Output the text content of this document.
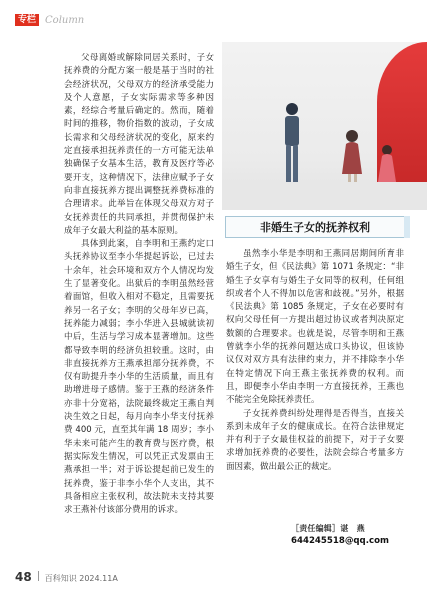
专栏 Column

父母离婚或解除同居关系时，子女抚养费的分配方案一般是基于当时的社会经济状况，父母双方的经济承受能力及个人意愿，子女实际需求等多种因素，经综合考量后确定的。然而，随着时间的推移，物价指数的波动，子女成长需求和父母经济状况的变化，原来约定直接承担抚养责任的一方可能无法单独确保子女基本生活，教育及医疗等必要开支，这种情况下，法律应赋予子女向非直接抚养方提出调整抚养费标准的合理请求。此举旨在体现父母双方对子女抚养责任的共同承担，并贯彻保护未成年子女最大利益的基本原则。

具体到此案，自李明和王燕约定口头抚养协议至李小华提起诉讼，已过去十余年，社会环境和双方个人情况均发生了显著变化。出狱后的李明虽然经营着面馆，但收入相对不稳定，且需要抚养另一名子女；李明的父母年岁已高，抚养能力减弱；李小华进入县城就读初中后，生活与学习成本显著增加。这些都导致李明的经济负担较重。这时，由非直接抚养方王燕承担部分抚养费，不仅有助提升李小华的生活质量，而且有助增进母子感情。鉴于王燕的经济条件亦非十分宽裕，法院最终裁定王燕自判决生效之日起，每月向李小华支付抚养费 400 元，直至其年满 18 周岁；李小华未来可能产生的教育费与医疗费，根据实际发生情况，可以凭正式发票由王燕承担一半；对于诉讼提起前已发生的抚养费，鉴于非李小华个人支出，其不具备相应主张权利，故法院未支持其要求王燕补付该部分费用的诉求。

非婚生子女的抚养权利

虽然李小华是李明和王燕同居期间所育非婚生子女，但《民法典》第 1071 条规定：“非婚生子女享有与婚生子女同等的权利，任何组织或者个人不得加以危害和歧视。”另外，根据《民法典》第 1085 条规定，子女在必要时有权向父母任何一方提出超过协议或者判决原定数额的合理要求。也就是说，尽管李明和王燕曾就李小华的抚养问题达成口头协议，但该协议仅对双方具有法律约束力，并不排除李小华在特定情况下向王燕主张抚养费的权利。而且，即便李小华由李明一方直接抚养，王燕也不能完全免除抚养责任。

子女抚养费纠纷处理得是否得当，直接关系到未成年子女的健康成长。在符合法律规定并有利于子女最佳权益的前提下，对于子女要求增加抚养费的必要性，法院会综合考量多方面因素，做出最公正的裁定。

［责任编辑］谌　燕
644245518@qq.com
48 百科知识 2024.11A
